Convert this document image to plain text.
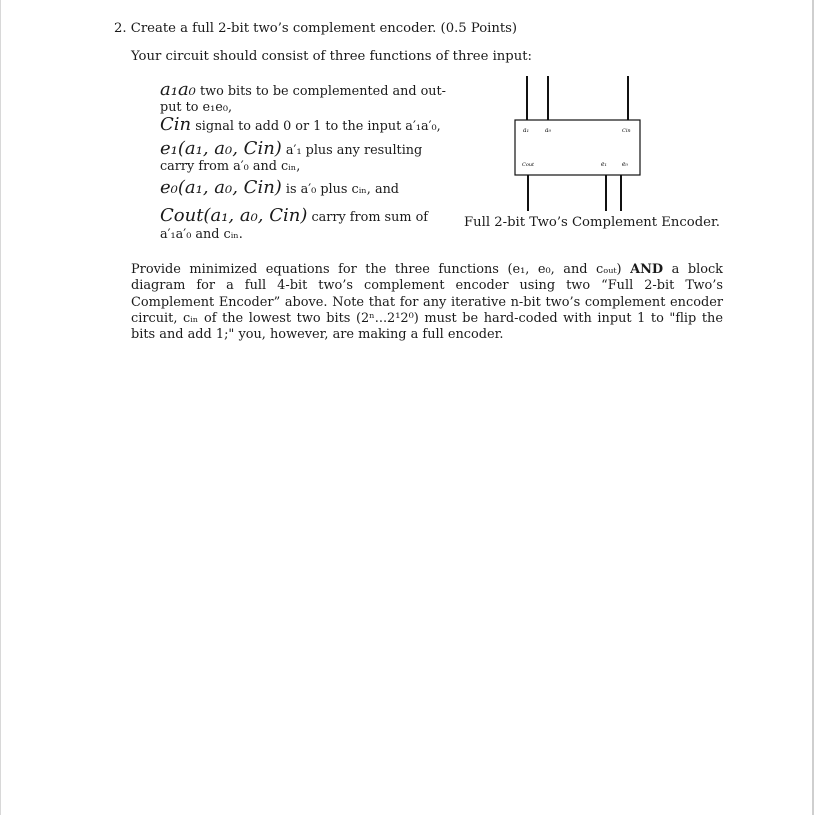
2. Create a full 2-bit two’s complement encoder. (0.5 Points)
Your circuit should consist of three functions of three input:
a₁a₀ two bits to be complemented and out-
put to e₁e₀,
Cin signal to add 0 or 1 to the input a′₁a′₀,
e₁(a₁, a₀, Cin) a′₁ plus any resulting
carry from a′₀ and cᵢₙ,
e₀(a₁, a₀, Cin) is a′₀ plus cᵢₙ, and
Cout(a₁, a₀, Cin) carry from sum of
a′₁a′₀ and cᵢₙ.
a₁	a₀	Cin
Cout	e₁	e₀
Full 2-bit Two’s Complement Encoder.
Provide minimized equations for the three functions (e₁, e₀, and cₒᵤₜ) AND a block diagram for a full 4-bit two’s complement encoder using two “Full 2-bit Two’s Complement Encoder” above. Note that for any iterative n-bit two’s complement encoder circuit, cᵢₙ of the lowest two bits (2ⁿ...2¹2⁰) must be hard-coded with input 1 to "flip the bits and add 1;" you, however, are making a full encoder.
